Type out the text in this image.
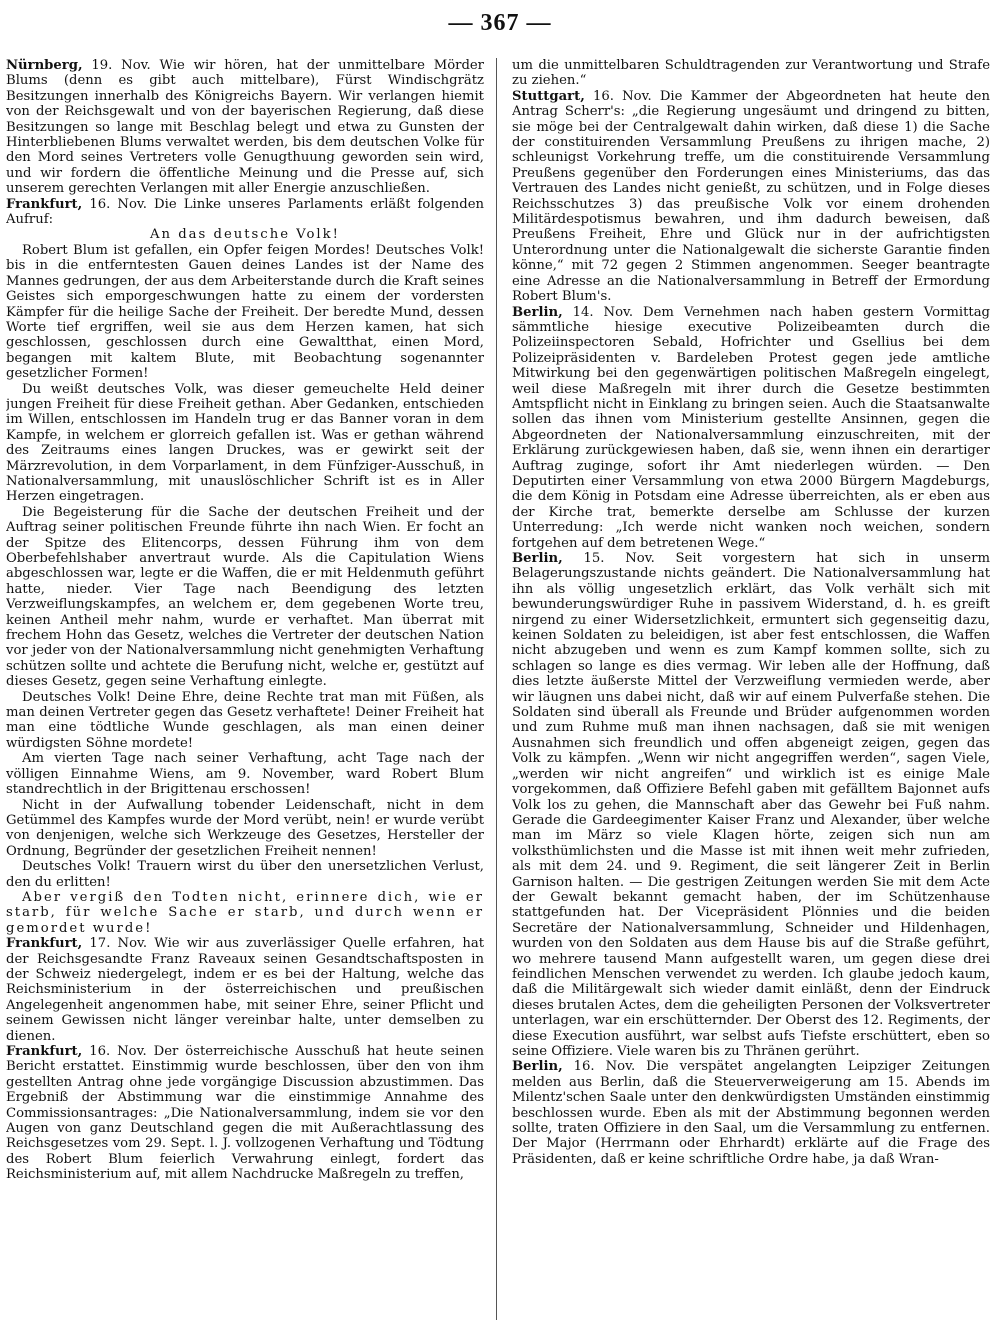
— 367 —

Nürnberg, 19. Nov. Wie wir hören, hat der unmittelbare Mörder Blums (denn es gibt auch mittelbare), Fürst Windischgrätz Besitzungen innerhalb des Königreichs Bayern. Wir verlangen hiemit von der Reichsgewalt und von der bayerischen Regierung, daß diese Besitzungen so lange mit Beschlag belegt und etwa zu Gunsten der Hinterbliebenen Blums verwaltet werden, bis dem deutschen Volke für den Mord seines Vertreters volle Genugthuung geworden sein wird, und wir fordern die öffentliche Meinung und die Presse auf, sich unserem gerechten Verlangen mit aller Energie anzuschließen.

Frankfurt, 16. Nov. Die Linke unseres Parlaments erläßt folgenden Aufruf:

An das deutsche Volk!

Robert Blum ist gefallen, ein Opfer feigen Mordes! Deutsches Volk! bis in die entferntesten Gauen deines Landes ist der Name des Mannes gedrungen, der aus dem Arbeiterstande durch die Kraft seines Geistes sich emporgeschwungen hatte zu einem der vordersten Kämpfer für die heilige Sache der Freiheit. Der beredte Mund, dessen Worte tief ergriffen, weil sie aus dem Herzen kamen, hat sich geschlossen, geschlossen durch eine Gewaltthat, einen Mord, begangen mit kaltem Blute, mit Beobachtung sogenannter gesetzlicher Formen!

Du weißt deutsches Volk, was dieser gemeuchelte Held deiner jungen Freiheit für diese Freiheit gethan. Aber Gedanken, entschieden im Willen, entschlossen im Handeln trug er das Banner voran in dem Kampfe, in welchem er glorreich gefallen ist. Was er gethan während des Zeitraums eines langen Druckes, was er gewirkt seit der Märzrevolution, in dem Vorparlament, in dem Fünfziger-Ausschuß, in Nationalversammlung, mit unauslöschlicher Schrift ist es in Aller Herzen eingetragen.

Die Begeisterung für die Sache der deutschen Freiheit und der Auftrag seiner politischen Freunde führte ihn nach Wien. Er focht an der Spitze des Elitencorps, dessen Führung ihm von dem Oberbefehlshaber anvertraut wurde. Als die Capitulation Wiens abgeschlossen war, legte er die Waffen, die er mit Heldenmuth geführt hatte, nieder. Vier Tage nach Beendigung des letzten Verzweiflungskampfes, an welchem er, dem gegebenen Worte treu, keinen Antheil mehr nahm, wurde er verhaftet. Man überrat mit frechem Hohn das Gesetz, welches die Vertreter der deutschen Nation vor jeder von der Nationalversammlung nicht genehmigten Verhaftung schützen sollte und achtete die Berufung nicht, welche er, gestützt auf dieses Gesetz, gegen seine Verhaftung einlegte.

Deutsches Volk! Deine Ehre, deine Rechte trat man mit Füßen, als man deinen Vertreter gegen das Gesetz verhaftete! Deiner Freiheit hat man eine tödtliche Wunde geschlagen, als man einen deiner würdigsten Söhne mordete!

Am vierten Tage nach seiner Verhaftung, acht Tage nach der völligen Einnahme Wiens, am 9. November, ward Robert Blum standrechtlich in der Brigittenau erschossen!

Nicht in der Aufwallung tobender Leidenschaft, nicht in dem Getümmel des Kampfes wurde der Mord verübt, nein! er wurde verübt von denjenigen, welche sich Werkzeuge des Gesetzes, Hersteller der Ordnung, Begründer der gesetzlichen Freiheit nennen!

Deutsches Volk! Trauern wirst du über den unersetzlichen Verlust, den du erlitten!

Aber vergiß den Todten nicht, erinnere dich, wie er starb, für welche Sache er starb, und durch wenn er gemordet wurde!

Frankfurt, 17. Nov. Wie wir aus zuverlässiger Quelle erfahren, hat der Reichsgesandte Franz Raveaux seinen Gesandtschaftsposten in der Schweiz niedergelegt, indem er es bei der Haltung, welche das Reichsministerium in der österreichischen und preußischen Angelegenheit angenommen habe, mit seiner Ehre, seiner Pflicht und seinem Gewissen nicht länger vereinbar halte, unter demselben zu dienen.

Frankfurt, 16. Nov. Der österreichische Ausschuß hat heute seinen Bericht erstattet. Einstimmig wurde beschlossen, über den von ihm gestellten Antrag ohne jede vorgängige Discussion abzustimmen. Das Ergebniß der Abstimmung war die einstimmige Annahme des Commissionsantrages: „Die Nationalversammlung, indem sie vor den Augen von ganz Deutschland gegen die mit Außerachtlassung des Reichsgesetzes vom 29. Sept. l. J. vollzogenen Verhaftung und Tödtung des Robert Blum feierlich Verwahrung einlegt, fordert das Reichsministerium auf, mit allem Nachdrucke Maßregeln zu treffen,

um die unmittelbaren Schuldtragenden zur Verantwortung und Strafe zu ziehen.“

Stuttgart, 16. Nov. Die Kammer der Abgeordneten hat heute den Antrag Scherr's: „die Regierung ungesäumt und dringend zu bitten, sie möge bei der Centralgewalt dahin wirken, daß diese 1) die Sache der constituirenden Versammlung Preußens zu ihrigen mache, 2) schleunigst Vorkehrung treffe, um die constituirende Versammlung Preußens gegenüber den Forderungen eines Ministeriums, das das Vertrauen des Landes nicht genießt, zu schützen, und in Folge dieses Reichsschutzes 3) das preußische Volk vor einem drohenden Militärdespotismus bewahren, und ihm dadurch beweisen, daß Preußens Freiheit, Ehre und Glück nur in der aufrichtigsten Unterordnung unter die Nationalgewalt die sicherste Garantie finden könne,“ mit 72 gegen 2 Stimmen angenommen. Seeger beantragte eine Adresse an die Nationalversammlung in Betreff der Ermordung Robert Blum's.

Berlin, 14. Nov. Dem Vernehmen nach haben gestern Vormittag sämmtliche hiesige executive Polizeibeamten durch die Polizeiinspectoren Sebald, Hofrichter und Gsellius bei dem Polizeipräsidenten v. Bardeleben Protest gegen jede amtliche Mitwirkung bei den gegenwärtigen politischen Maßregeln eingelegt, weil diese Maßregeln mit ihrer durch die Gesetze bestimmten Amtspflicht nicht in Einklang zu bringen seien. Auch die Staatsanwalte sollen das ihnen vom Ministerium gestellte Ansinnen, gegen die Abgeordneten der Nationalversammlung einzuschreiten, mit der Erklärung zurückgewiesen haben, daß sie, wenn ihnen ein derartiger Auftrag zuginge, sofort ihr Amt niederlegen würden. — Den Deputirten einer Versammlung von etwa 2000 Bürgern Magdeburgs, die dem König in Potsdam eine Adresse überreichten, als er eben aus der Kirche trat, bemerkte derselbe am Schlusse der kurzen Unterredung: „Ich werde nicht wanken noch weichen, sondern fortgehen auf dem betretenen Wege.“

Berlin, 15. Nov. Seit vorgestern hat sich in unserm Belagerungszustande nichts geändert. Die Nationalversammlung hat ihn als völlig ungesetzlich erklärt, das Volk verhält sich mit bewunderungswürdiger Ruhe in passivem Widerstand, d. h. es greift nirgend zu einer Widersetzlichkeit, ermuntert sich gegenseitig dazu, keinen Soldaten zu beleidigen, ist aber fest entschlossen, die Waffen nicht abzugeben und wenn es zum Kampf kommen sollte, sich zu schlagen so lange es dies vermag. Wir leben alle der Hoffnung, daß dies letzte äußerste Mittel der Verzweiflung vermieden werde, aber wir läugnen uns dabei nicht, daß wir auf einem Pulverfaße stehen. Die Soldaten sind überall als Freunde und Brüder aufgenommen worden und zum Ruhme muß man ihnen nachsagen, daß sie mit wenigen Ausnahmen sich freundlich und offen abgeneigt zeigen, gegen das Volk zu kämpfen. „Wenn wir nicht angegriffen werden“, sagen Viele, „werden wir nicht angreifen“ und wirklich ist es einige Male vorgekommen, daß Offiziere Befehl gaben mit gefälltem Bajonnet aufs Volk los zu gehen, die Mannschaft aber das Gewehr bei Fuß nahm. Gerade die Gardeegimenter Kaiser Franz und Alexander, über welche man im März so viele Klagen hörte, zeigen sich nun am volksthümlichsten und die Masse ist mit ihnen weit mehr zufrieden, als mit dem 24. und 9. Regiment, die seit längerer Zeit in Berlin Garnison halten. — Die gestrigen Zeitungen werden Sie mit dem Acte der Gewalt bekannt gemacht haben, der im Schützenhause stattgefunden hat. Der Vicepräsident Plönnies und die beiden Secretäre der Nationalversammlung, Schneider und Hildenhagen, wurden von den Soldaten aus dem Hause bis auf die Straße geführt, wo mehrere tausend Mann aufgestellt waren, um gegen diese drei feindlichen Menschen verwendet zu werden. Ich glaube jedoch kaum, daß die Militärgewalt sich wieder damit einläßt, denn der Eindruck dieses brutalen Actes, dem die geheiligten Personen der Volksvertreter unterlagen, war ein erschütternder. Der Oberst des 12. Regiments, der diese Execution ausführt, war selbst aufs Tiefste erschüttert, eben so seine Offiziere. Viele waren bis zu Thränen gerührt.

Berlin, 16. Nov. Die verspätet angelangten Leipziger Zeitungen melden aus Berlin, daß die Steuerverweigerung am 15. Abends im Milentz'schen Saale unter den denkwürdigsten Umständen einstimmig beschlossen wurde. Eben als mit der Abstimmung begonnen werden sollte, traten Offiziere in den Saal, um die Versammlung zu entfernen. Der Major (Herrmann oder Ehrhardt) erklärte auf die Frage des Präsidenten, daß er keine schriftliche Ordre habe, ja daß Wran-
